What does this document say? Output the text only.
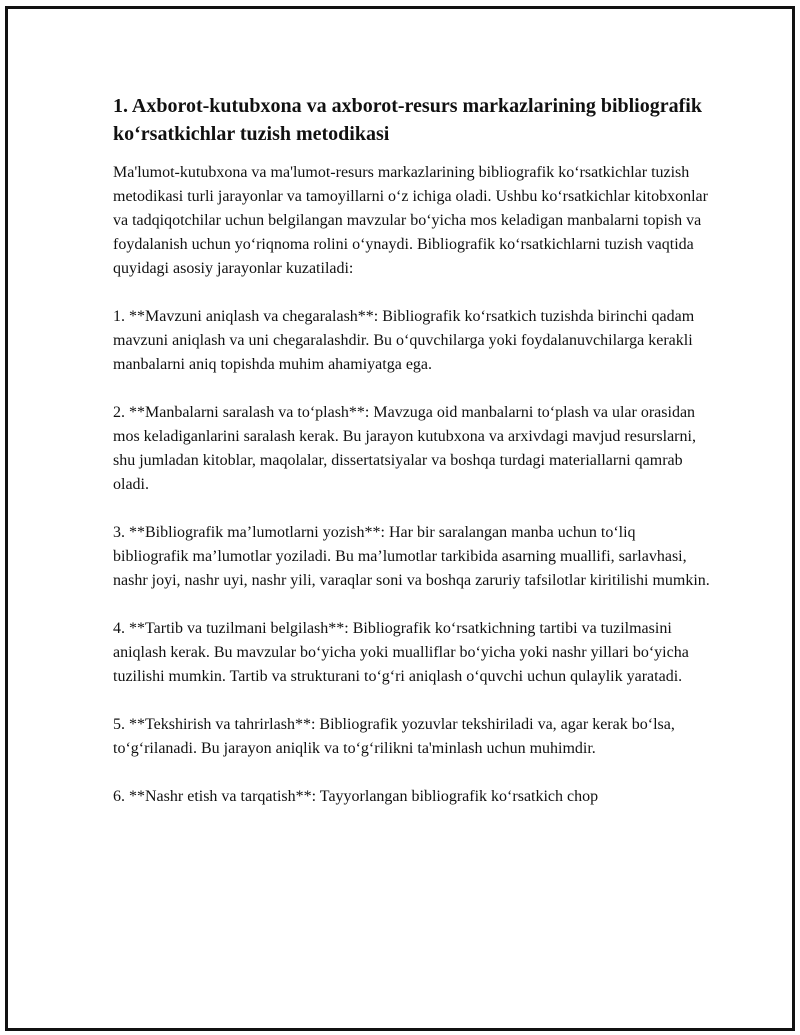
1. Axborot-kutubxona va axborot-resurs markazlarining bibliografik koʻrsatkichlar tuzish metodikasi

Ma'lumot-kutubxona va ma'lumot-resurs markazlarining bibliografik koʻrsatkichlar tuzish metodikasi turli jarayonlar va tamoyillarni oʻz ichiga oladi. Ushbu koʻrsatkichlar kitobxonlar va tadqiqotchilar uchun belgilangan mavzular boʻyicha mos keladigan manbalarni topish va foydalanish uchun yoʻriqnoma rolini oʻynaydi. Bibliografik koʻrsatkichlarni tuzish vaqtida quyidagi asosiy jarayonlar kuzatiladi:

1. **Mavzuni aniqlash va chegaralash**: Bibliografik koʻrsatkich tuzishda birinchi qadam mavzuni aniqlash va uni chegaralashdir. Bu oʻquvchilarga yoki foydalanuvchilarga kerakli manbalarni aniq topishda muhim ahamiyatga ega.

2. **Manbalarni saralash va toʻplash**: Mavzuga oid manbalarni toʻplash va ular orasidan mos keladiganlarini saralash kerak. Bu jarayon kutubxona va arxivdagi mavjud resurslarni, shu jumladan kitoblar, maqolalar, dissertatsiyalar va boshqa turdagi materiallarni qamrab oladi.

3. **Bibliografik ma’lumotlarni yozish**: Har bir saralangan manba uchun toʻliq bibliografik ma’lumotlar yoziladi. Bu ma’lumotlar tarkibida asarning muallifi, sarlavhasi, nashr joyi, nashr uyi, nashr yili, varaqlar soni va boshqa zaruriy tafsilotlar kiritilishi mumkin.

4. **Tartib va tuzilmani belgilash**: Bibliografik koʻrsatkichning tartibi va tuzilmasini aniqlash kerak. Bu mavzular boʻyicha yoki mualliflar boʻyicha yoki nashr yillari boʻyicha tuzilishi mumkin. Tartib va strukturani toʻgʻri aniqlash oʻquvchi uchun qulaylik yaratadi.

5. **Tekshirish va tahrirlash**: Bibliografik yozuvlar tekshiriladi va, agar kerak boʻlsa, toʻgʻrilanadi. Bu jarayon aniqlik va toʻgʻrilikni ta'minlash uchun muhimdir.

6. **Nashr etish va tarqatish**: Tayyorlangan bibliografik koʻrsatkich chop
